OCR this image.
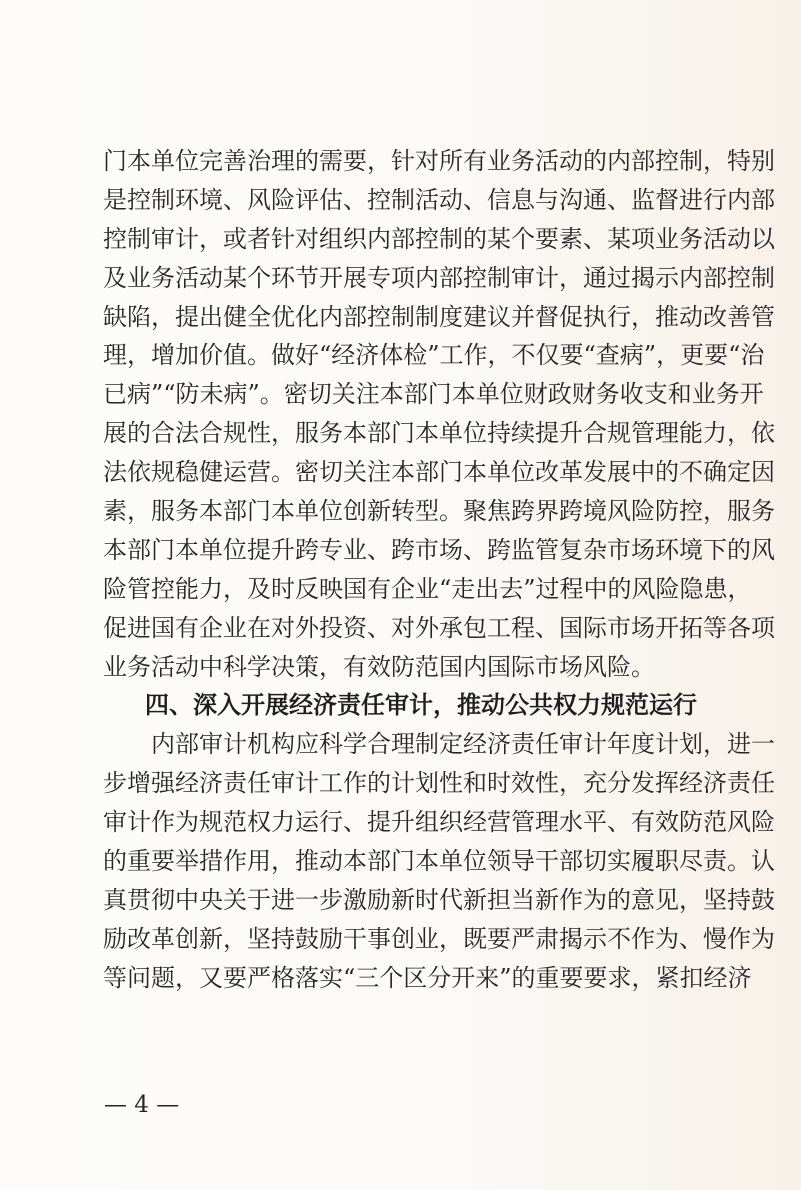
门本单位完善治理的需要，针对所有业务活动的内部控制，特别
是控制环境、风险评估、控制活动、信息与沟通、监督进行内部
控制审计，或者针对组织内部控制的某个要素、某项业务活动以
及业务活动某个环节开展专项内部控制审计，通过揭示内部控制
缺陷，提出健全优化内部控制制度建议并督促执行，推动改善管
理，增加价值。做好“经济体检”工作，不仅要“查病”，更要“治
已病”“防未病”。密切关注本部门本单位财政财务收支和业务开
展的合法合规性，服务本部门本单位持续提升合规管理能力，依
法依规稳健运营。密切关注本部门本单位改革发展中的不确定因
素，服务本部门本单位创新转型。聚焦跨界跨境风险防控，服务
本部门本单位提升跨专业、跨市场、跨监管复杂市场环境下的风
险管控能力，及时反映国有企业“走出去”过程中的风险隐患，
促进国有企业在对外投资、对外承包工程、国际市场开拓等各项
业务活动中科学决策，有效防范国内国际市场风险。
四、深入开展经济责任审计，推动公共权力规范运行
内部审计机构应科学合理制定经济责任审计年度计划，进一
步增强经济责任审计工作的计划性和时效性，充分发挥经济责任
审计作为规范权力运行、提升组织经营管理水平、有效防范风险
的重要举措作用，推动本部门本单位领导干部切实履职尽责。认
真贯彻中央关于进一步激励新时代新担当新作为的意见，坚持鼓
励改革创新，坚持鼓励干事创业，既要严肃揭示不作为、慢作为
等问题，又要严格落实“三个区分开来”的重要要求，紧扣经济
— 4 —
